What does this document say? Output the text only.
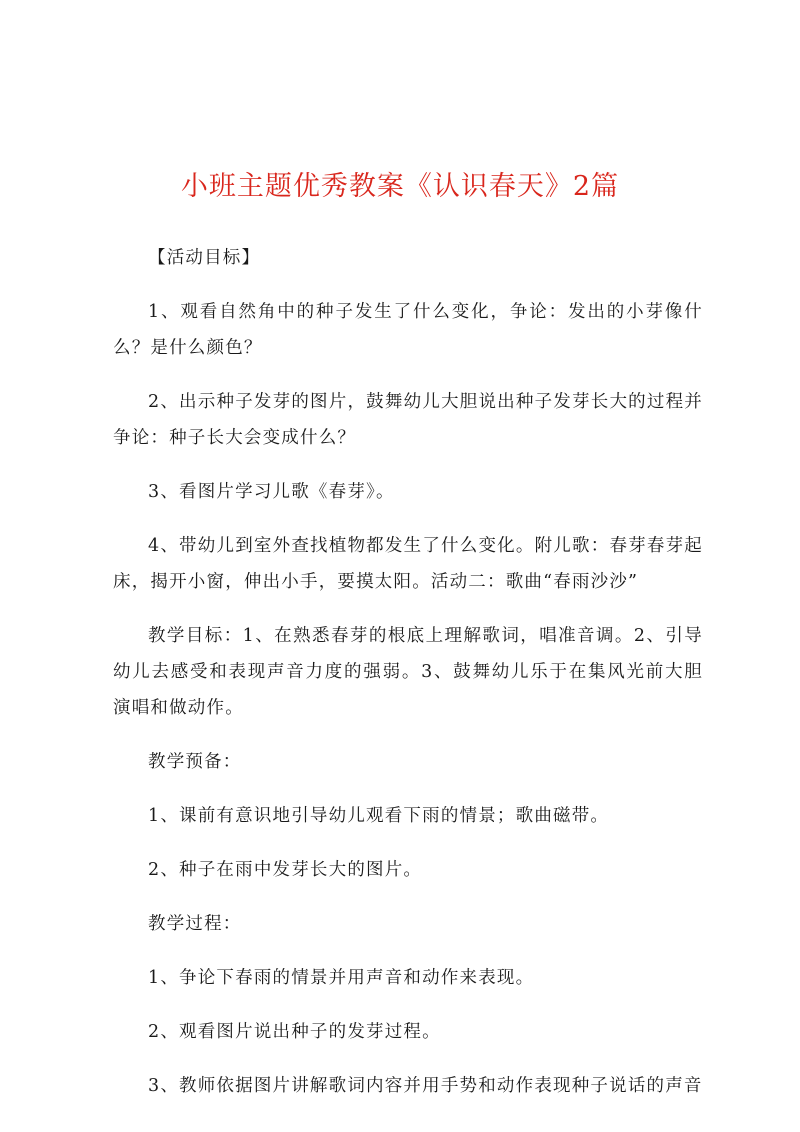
小班主题优秀教案《认识春天》2篇

【活动目标】

1、观看自然角中的种子发生了什么变化，争论：发出的小芽像什么？是什么颜色？

2、出示种子发芽的图片，鼓舞幼儿大胆说出种子发芽长大的过程并争论：种子长大会变成什么？

3、看图片学习儿歌《春芽》。

4、带幼儿到室外查找植物都发生了什么变化。附儿歌：春芽春芽起床，揭开小窗，伸出小手，要摸太阳。活动二：歌曲“春雨沙沙”

教学目标：1、在熟悉春芽的根底上理解歌词，唱准音调。2、引导幼儿去感受和表现声音力度的强弱。3、鼓舞幼儿乐于在集风光前大胆演唱和做动作。

教学预备：

1、课前有意识地引导幼儿观看下雨的情景；歌曲磁带。

2、种子在雨中发芽长大的图片。

教学过程：

1、争论下春雨的情景并用声音和动作来表现。

2、观看图片说出种子的发芽过程。

3、教师依据图片讲解歌词内容并用手势和动作表现种子说话的声音
